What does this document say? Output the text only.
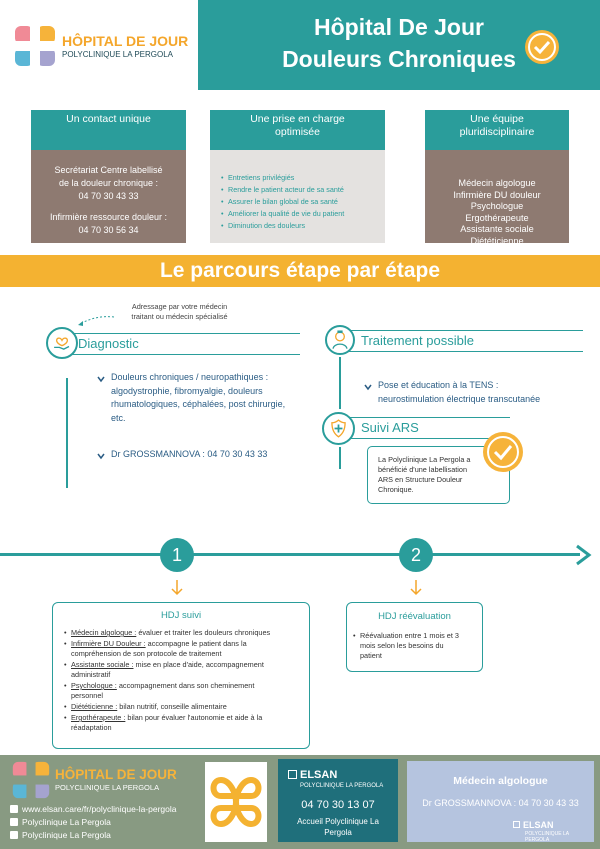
HÔPITAL DE JOUR
POLYCLINIQUE LA PERGOLA
Hôpital De Jour
Douleurs Chroniques
Un contact unique
Secrétariat Centre labellisé
de la douleur chronique :
04 70 30 43 33
Infirmière ressource douleur :
04 70 30 56 34
Une prise en charge optimisée
• Entretiens privilégiés
• Rendre le patient acteur de sa santé
• Assurer le bilan global de sa santé
• Améliorer la qualité de vie du patient
• Diminution des douleurs
Une équipe pluridisciplinaire
Médecin algologue
Infirmière DU douleur
Psychologue
Ergothérapeute
Assistante sociale
Diététicienne
Le parcours étape par étape
Adressage par votre médecin
traitant ou médecin spécialisé
Diagnostic
Douleurs chroniques / neuropathiques :
algodystrophie, fibromyalgie, douleurs
rhumatologiques, céphalées, post chirurgie,
etc.
Dr GROSSMANNOVA : 04 70 30 43 33
Traitement possible
Pose et éducation à la TENS :
neurostimulation électrique transcutanée
Suivi ARS
La Polyclinique La Pergola a
bénéficié d'une labellisation
ARS en Structure Douleur
Chronique.
1	2
HDJ suivi
• Médecin algologue : évaluer et traiter les douleurs chroniques
• Infirmière DU Douleur : accompagne le patient dans la
compréhension de son protocole de traitement
• Assistante sociale : mise en place d'aide, accompagnement
administratif
• Psychologue : accompagnement dans son cheminement
personnel
• Diététicienne : bilan nutritif, conseille alimentaire
• Ergothérapeute : bilan pour évaluer l'autonomie et aide à la
réadaptation
HDJ réévaluation
• Réévaluation entre 1 mois et 3
mois selon les besoins du
patient
HÔPITAL DE JOUR
POLYCLINIQUE LA PERGOLA
www.elsan.care/fr/polyclinique-la-pergola
Polyclinique La Pergola
Polyclinique La Pergola
ELSAN
POLYCLINIQUE LA PERGOLA
04 70 30 13 07
Accueil Polyclinique La
Pergola
Médecin algologue
Dr GROSSMANNOVA : 04 70 30 43 33
ELSAN
POLYCLINIQUE LA PERGOLA
